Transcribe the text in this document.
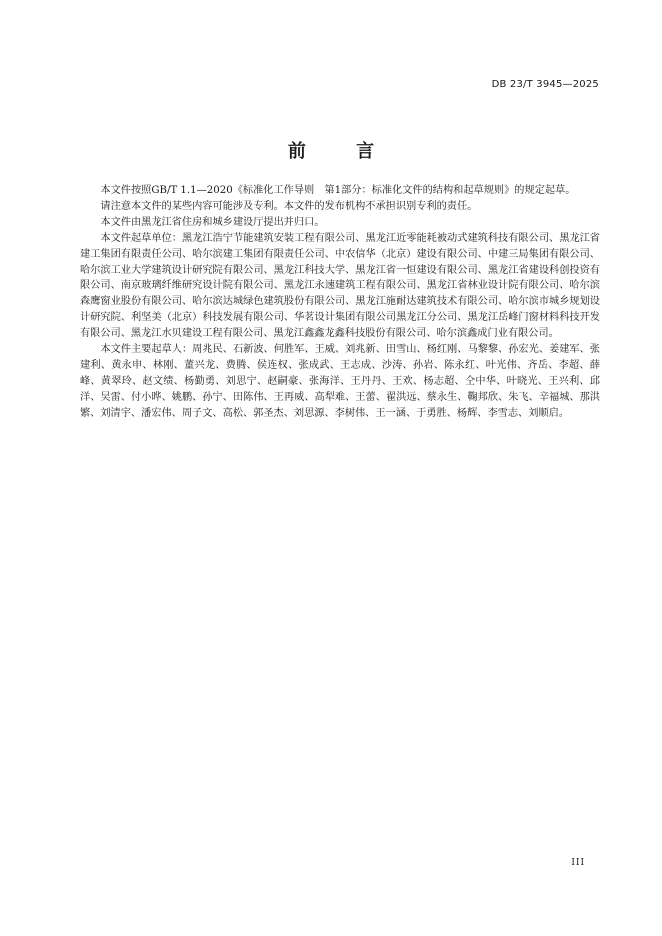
DB 23/T 3945—2025
前 言

本文件按照GB/T 1.1—2020《标准化工作导则　第1部分：标准化文件的结构和起草规则》的规定起草。

请注意本文件的某些内容可能涉及专利。本文件的发布机构不承担识别专利的责任。

本文件由黑龙江省住房和城乡建设厅提出并归口。

本文件起草单位：黑龙江浩宁节能建筑安装工程有限公司、黑龙江近零能耗被动式建筑科技有限公司、黑龙江省建工集团有限责任公司、哈尔滨建工集团有限责任公司、中农信华（北京）建设有限公司、中建三局集团有限公司、哈尔滨工业大学建筑设计研究院有限公司、黑龙江科技大学、黑龙江省一恒建设有限公司、黑龙江省建设科创投资有限公司、南京玻璃纤维研究设计院有限公司、黑龙江永速建筑工程有限公司、黑龙江省林业设计院有限公司、哈尔滨森鹰窗业股份有限公司、哈尔滨达城绿色建筑股份有限公司、黑龙江施耐达建筑技术有限公司、哈尔滨市城乡规划设计研究院、利坚美（北京）科技发展有限公司、华茗设计集团有限公司黑龙江分公司、黑龙江岳峰门窗材料科技开发有限公司、黑龙江水贝建设工程有限公司、黑龙江鑫鑫龙鑫科技股份有限公司、哈尔滨鑫成门业有限公司。

本文件主要起草人：周兆民、石新波、何胜军、王威、刘兆新、田雪山、杨红刚、马黎黎、孙宏光、姜建军、张建利、黄永申、林刚、董兴龙、费腾、侯连权、张成武、王志成、沙涛、孙岩、陈永红、叶光伟、齐岳、李超、薛峰、黄翠玲、赵文绩、杨勤勇、刘思宁、赵嗣豪、张海洋、王丹丹、王欢、杨志超、仝中华、叶晓光、王兴利、邱洋、吴雷、付小晔、姚鹏、孙宁、田陈伟、王再威、高犁难、王蕾、翟洪远、蔡永生、鞠邦欣、朱飞、辛福城、那洪繁、刘清宇、潘宏伟、周子文、高松、郭圣杰、刘思源、李树伟、王一涵、于勇胜、杨辉、李雪志、刘顺启。

III
